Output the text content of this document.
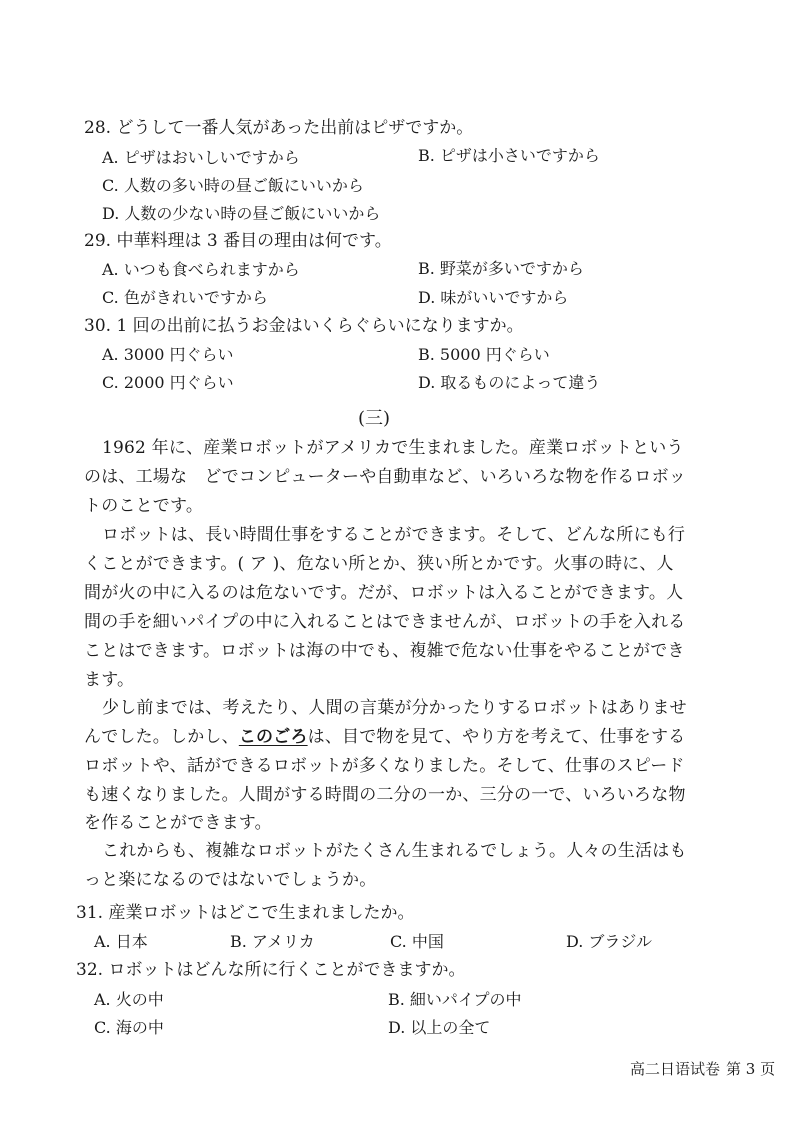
28. どうして一番人気があった出前はピザですか。
A. ピザはおいしいですから	B. ピザは小さいですから
C. 人数の多い時の昼ご飯にいいから
D. 人数の少ない時の昼ご飯にいいから
29. 中華料理は 3 番目の理由は何です。
A. いつも食べられますから	B. 野菜が多いですから
C. 色がきれいですから	D. 味がいいですから
30. 1 回の出前に払うお金はいくらぐらいになりますか。
A. 3000 円ぐらい	B. 5000 円ぐらい
C. 2000 円ぐらい	D. 取るものによって違う
(三)
1962 年に、産業ロボットがアメリカで生まれました。産業ロボットという
のは、工場な　どでコンピューターや自動車など、いろいろな物を作るロボッ
トのことです。
ロボットは、長い時間仕事をすることができます。そして、どんな所にも行
くことができます。( ア )、危ない所とか、狭い所とかです。火事の時に、人
間が火の中に入るのは危ないです。だが、ロボットは入ることができます。人
間の手を細いパイプの中に入れることはできませんが、ロボットの手を入れる
ことはできます。ロボットは海の中でも、複雑で危ない仕事をやることができ
ます。
少し前までは、考えたり、人間の言葉が分かったりするロボットはありませ
んでした。しかし、このごろは、目で物を見て、やり方を考えて、仕事をする
ロボットや、話ができるロボットが多くなりました。そして、仕事のスピード
も速くなりました。人間がする時間の二分の一か、三分の一で、いろいろな物
を作ることができます。
これからも、複雑なロボットがたくさん生まれるでしょう。人々の生活はも
っと楽になるのではないでしょうか。
31. 産業ロボットはどこで生まれましたか。
A. 日本	B. アメリカ	C. 中国	D. ブラジル
32. ロボットはどんな所に行くことができますか。
A. 火の中	B. 細いパイプの中
C. 海の中	D. 以上の全て
高二日语试卷 第 3 页
